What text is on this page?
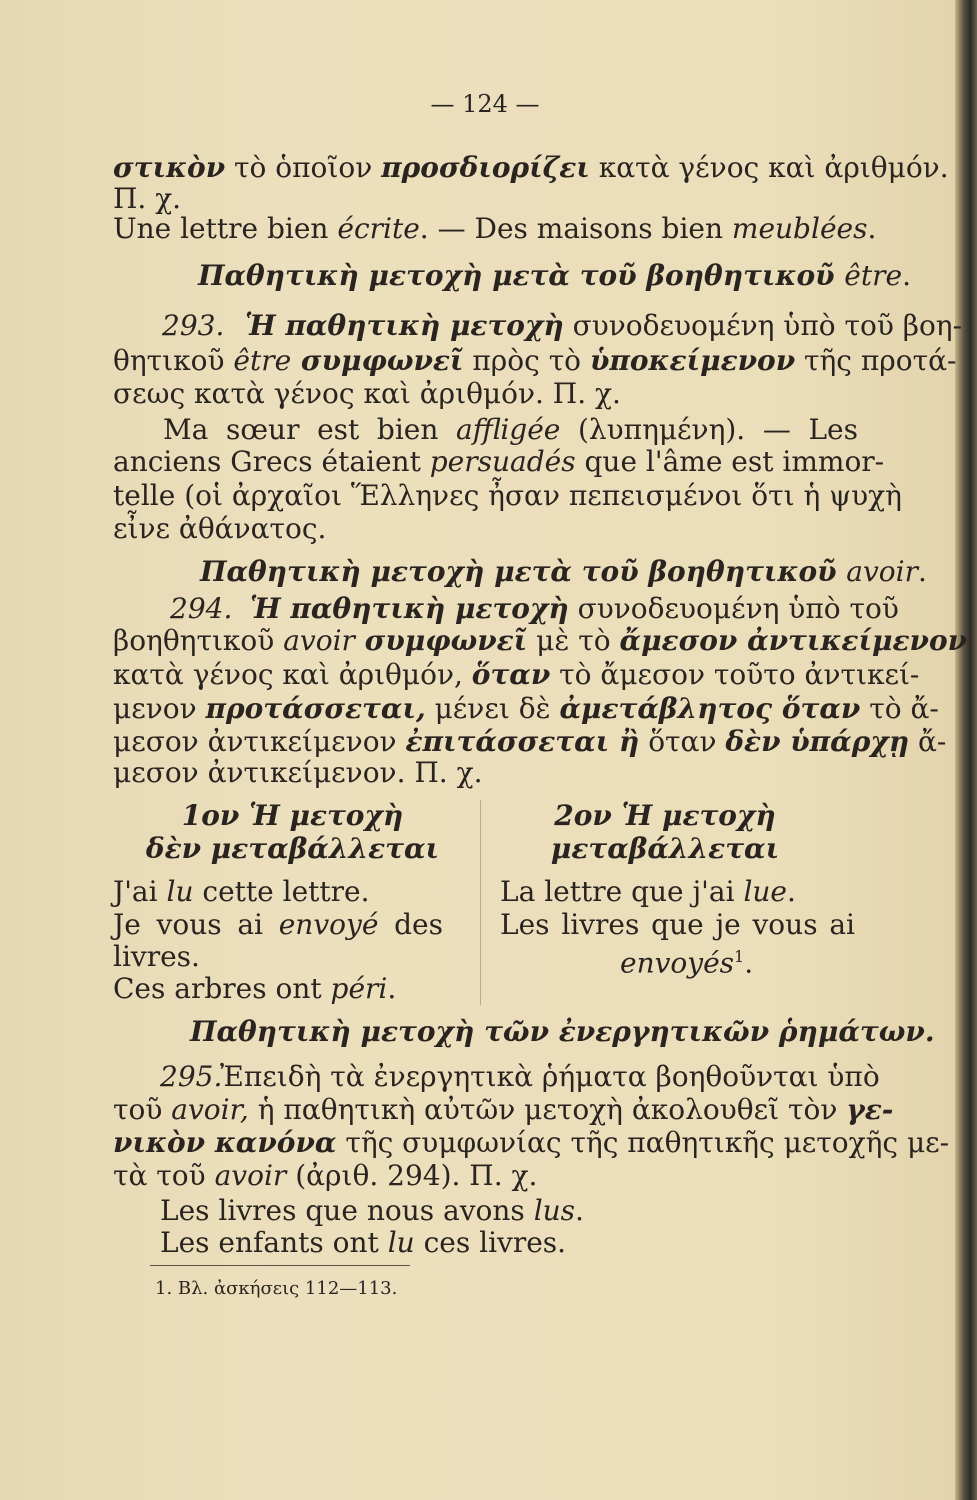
— 124 —
στικὸν τὸ ὁποῖον προσδιορίζει κατὰ γένος καὶ ἀριθμόν.
Π. χ.
Une lettre bien écrite. — Des maisons bien meublées.
Παθητικὴ μετοχὴ μετὰ τοῦ βοηθητικοῦ être.
293. Ἡ παθητικὴ μετοχὴ συνοδευομένη ὑπὸ τοῦ βοη-
θητικοῦ être συμφωνεῖ πρὸς τὸ ὑποκείμενον τῆς προτά-
σεως κατὰ γένος καὶ ἀριθμόν. Π. χ.
Ma sœur est bien affligée (λυπημένη). — Les
anciens Grecs étaient persuadés que l'âme est immor-
telle (οἱ ἀρχαῖοι Ἕλληνες ἦσαν πεπεισμένοι ὅτι ἡ ψυχὴ
εἶνε ἀθάνατος.
Παθητικὴ μετοχὴ μετὰ τοῦ βοηθητικοῦ avoir.
294. Ἡ παθητικὴ μετοχὴ συνοδευομένη ὑπὸ τοῦ
βοηθητικοῦ avoir συμφωνεῖ μὲ τὸ ἄμεσον ἀντικείμενον
κατὰ γένος καὶ ἀριθμόν, ὅταν τὸ ἄμεσον τοῦτο ἀντικεί-
μενον προτάσσεται, μένει δὲ ἀμετάβλητος ὅταν τὸ ἄ-
μεσον ἀντικείμενον ἐπιτάσσεται ἢ ὅταν δὲν ὑπάρχῃ ἄ-
μεσον ἀντικείμενον. Π. χ.
1ον Ἡ μετοχὴ
δὲν μεταβάλλεται
J'ai lu cette lettre.
Je vous ai envoyé des
livres.
Ces arbres ont péri.
2ον Ἡ μετοχὴ
μεταβάλλεται
La lettre que j'ai lue.
Les livres que je vous ai
envoyés$^1$.
Παθητικὴ μετοχὴ τῶν ἐνεργητικῶν ῥημάτων.
295.
Ἐπειδὴ τὰ ἐνεργητικὰ ῥήματα βοηθοῦνται ὑπὸ
τοῦ avoir, ἡ παθητικὴ αὐτῶν μετοχὴ ἀκολουθεῖ τὸν γε-
νικὸν κανόνα τῆς συμφωνίας τῆς παθητικῆς μετοχῆς με-
τὰ τοῦ avoir (ἀριθ. 294). Π. χ.
Les livres que nous avons lus.
Les enfants ont lu ces livres.
1. Βλ. ἀσκήσεις 112—113.
